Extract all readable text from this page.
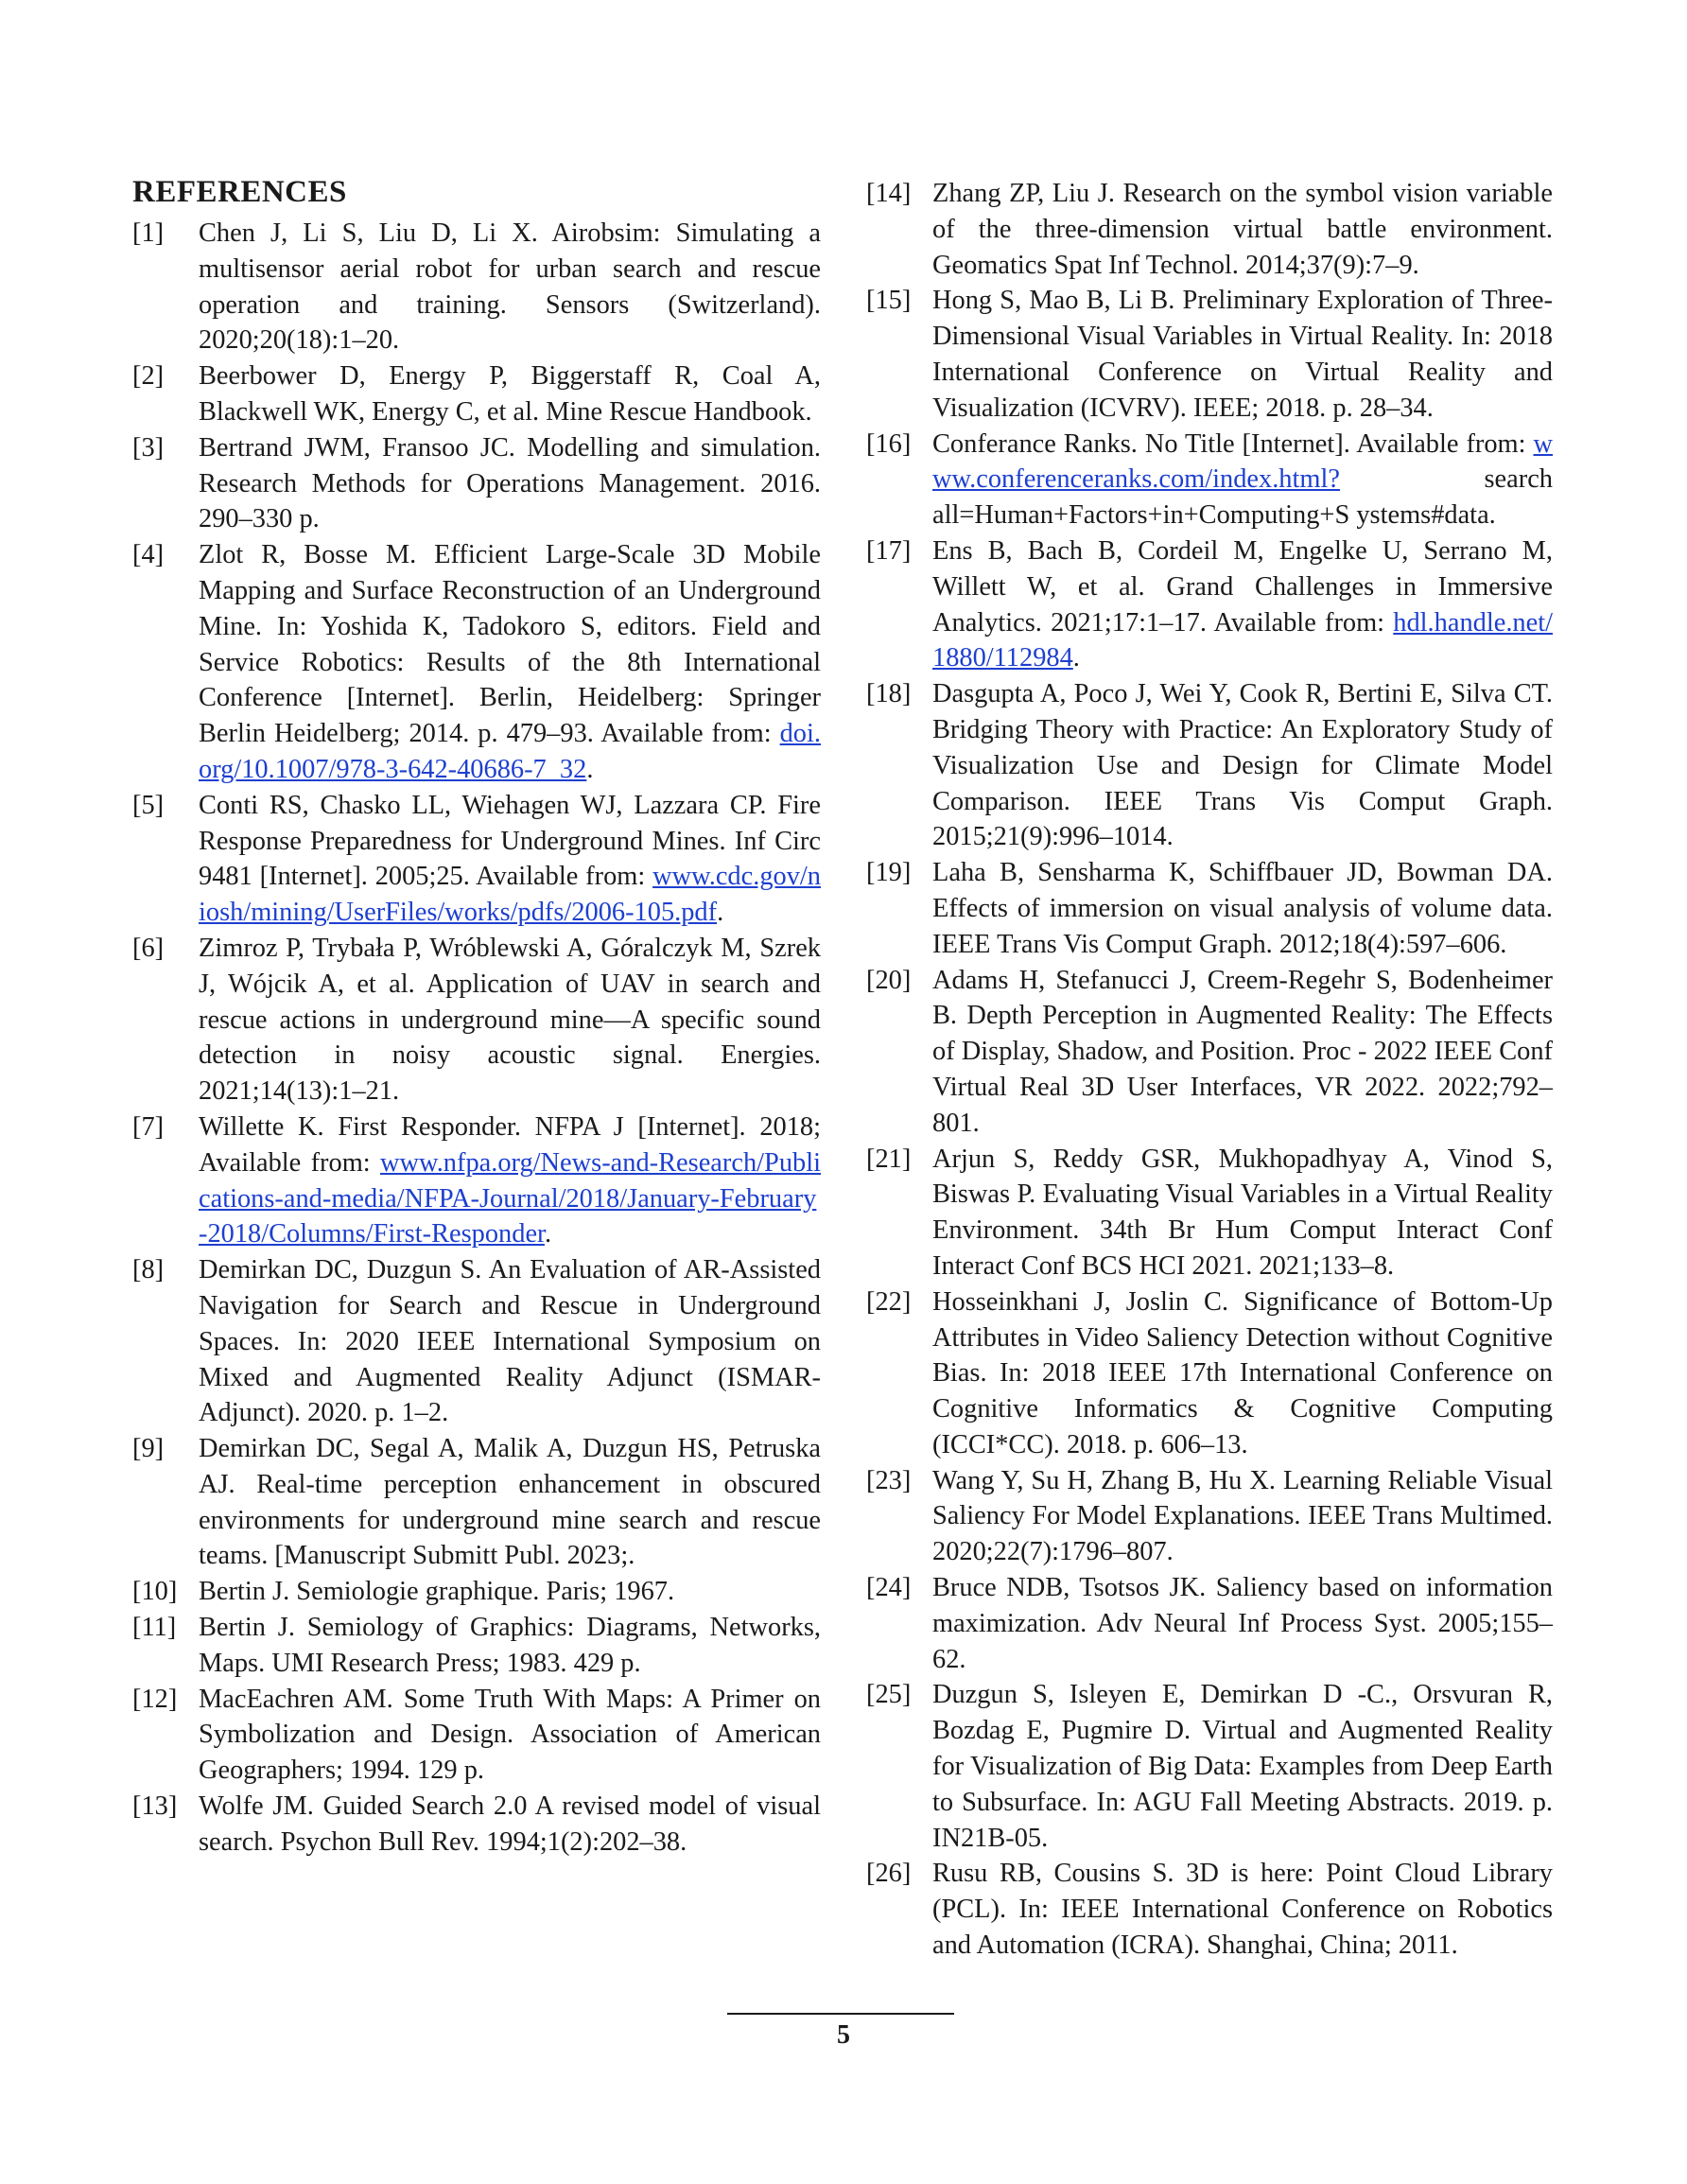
REFERENCES
[1] Chen J, Li S, Liu D, Li X. Airobsim: Simulating a multisensor aerial robot for urban search and rescue operation and training. Sensors (Switzerland). 2020;20(18):1–20.
[2] Beerbower D, Energy P, Biggerstaff R, Coal A, Blackwell WK, Energy C, et al. Mine Rescue Handbook.
[3] Bertrand JWM, Fransoo JC. Modelling and simulation. Research Methods for Operations Management. 2016. 290–330 p.
[4] Zlot R, Bosse M. Efficient Large-Scale 3D Mobile Mapping and Surface Reconstruction of an Underground Mine. In: Yoshida K, Tadokoro S, editors. Field and Service Robotics: Results of the 8th International Conference [Internet]. Berlin, Heidelberg: Springer Berlin Heidelberg; 2014. p. 479–93. Available from: doi.org/10.1007/978-3-642-40686-7_32.
[5] Conti RS, Chasko LL, Wiehagen WJ, Lazzara CP. Fire Response Preparedness for Underground Mines. Inf Circ 9481 [Internet]. 2005;25. Available from: www.cdc.gov/niosh/mining/UserFiles/works/pdfs/2006-105.pdf.
[6] Zimroz P, Trybała P, Wróblewski A, Góralczyk M, Szrek J, Wójcik A, et al. Application of UAV in search and rescue actions in underground mine—A specific sound detection in noisy acoustic signal. Energies. 2021;14(13):1–21.
[7] Willette K. First Responder. NFPA J [Internet]. 2018; Available from: www.nfpa.org/News-and-Research/Publications-and-media/NFPA-Journal/2018/January-February-2018/Columns/First-Responder.
[8] Demirkan DC, Duzgun S. An Evaluation of AR-Assisted Navigation for Search and Rescue in Underground Spaces. In: 2020 IEEE International Symposium on Mixed and Augmented Reality Adjunct (ISMAR- Adjunct). 2020. p. 1–2.
[9] Demirkan DC, Segal A, Malik A, Duzgun HS, Petruska AJ. Real-time perception enhancement in obscured environments for underground mine search and rescue teams. [Manuscript Submitt Publ. 2023;.
[10] Bertin J. Semiologie graphique. Paris; 1967.
[11] Bertin J. Semiology of Graphics: Diagrams, Networks, Maps. UMI Research Press; 1983. 429 p.
[12] MacEachren AM. Some Truth With Maps: A Primer on Symbolization and Design. Association of American Geographers; 1994. 129 p.
[13] Wolfe JM. Guided Search 2.0 A revised model of visual search. Psychon Bull Rev. 1994;1(2):202–38.
[14] Zhang ZP, Liu J. Research on the symbol vision variable of the three-dimension virtual battle environment. Geomatics Spat Inf Technol. 2014;37(9):7–9.
[15] Hong S, Mao B, Li B. Preliminary Exploration of Three-Dimensional Visual Variables in Virtual Reality. In: 2018 International Conference on Virtual Reality and Visualization (ICVRV). IEEE; 2018. p. 28–34.
[16] Conferance Ranks. No Title [Internet]. Available from: www.conferenceranks.com/index.html? search all=Human+Factors+in+Computing+S ystems#data.
[17] Ens B, Bach B, Cordeil M, Engelke U, Serrano M, Willett W, et al. Grand Challenges in Immersive Analytics. 2021;17:1–17. Available from: hdl.handle.net/1880/112984.
[18] Dasgupta A, Poco J, Wei Y, Cook R, Bertini E, Silva CT. Bridging Theory with Practice: An Exploratory Study of Visualization Use and Design for Climate Model Comparison. IEEE Trans Vis Comput Graph. 2015;21(9):996–1014.
[19] Laha B, Sensharma K, Schiffbauer JD, Bowman DA. Effects of immersion on visual analysis of volume data. IEEE Trans Vis Comput Graph. 2012;18(4):597–606.
[20] Adams H, Stefanucci J, Creem-Regehr S, Bodenheimer B. Depth Perception in Augmented Reality: The Effects of Display, Shadow, and Position. Proc - 2022 IEEE Conf Virtual Real 3D User Interfaces, VR 2022. 2022;792–801.
[21] Arjun S, Reddy GSR, Mukhopadhyay A, Vinod S, Biswas P. Evaluating Visual Variables in a Virtual Reality Environment. 34th Br Hum Comput Interact Conf Interact Conf BCS HCI 2021. 2021;133–8.
[22] Hosseinkhani J, Joslin C. Significance of Bottom-Up Attributes in Video Saliency Detection without Cognitive Bias. In: 2018 IEEE 17th International Conference on Cognitive Informatics & Cognitive Computing (ICCI*CC). 2018. p. 606–13.
[23] Wang Y, Su H, Zhang B, Hu X. Learning Reliable Visual Saliency For Model Explanations. IEEE Trans Multimed. 2020;22(7):1796–807.
[24] Bruce NDB, Tsotsos JK. Saliency based on information maximization. Adv Neural Inf Process Syst. 2005;155–62.
[25] Duzgun S, Isleyen E, Demirkan D -C., Orsvuran R, Bozdag E, Pugmire D. Virtual and Augmented Reality for Visualization of Big Data: Examples from Deep Earth to Subsurface. In: AGU Fall Meeting Abstracts. 2019. p. IN21B-05.
[26] Rusu RB, Cousins S. 3D is here: Point Cloud Library (PCL). In: IEEE International Conference on Robotics and Automation (ICRA). Shanghai, China; 2011.
5
